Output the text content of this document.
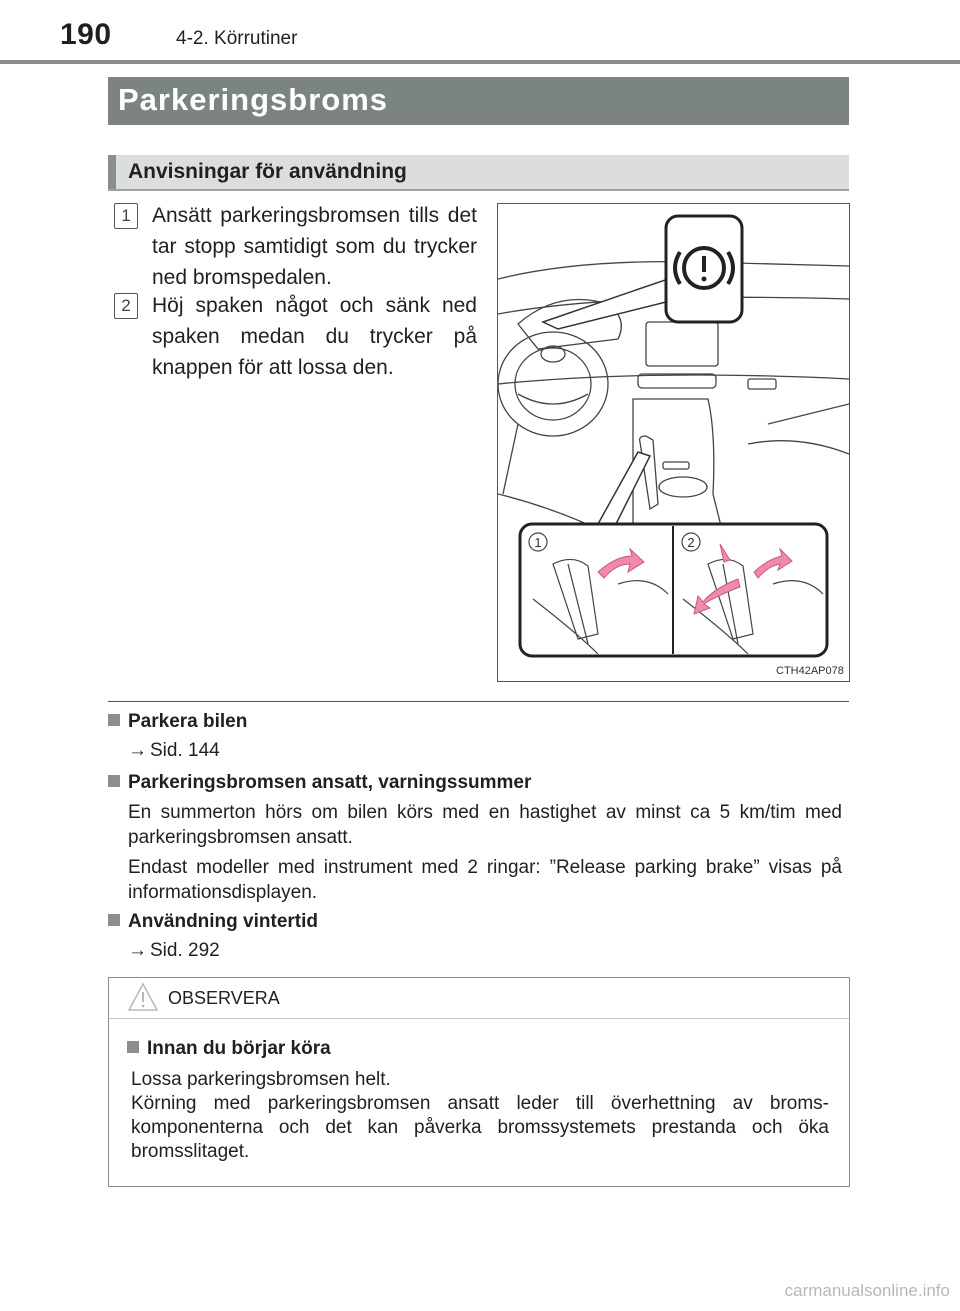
190	4-2. Körrutiner
Parkeringsbroms
Anvisningar för användning
1	Ansätt parkeringsbromsen tills det tar stopp samtidigt som du trycker ned bromspedalen.
2	Höj spaken något och sänk ned spaken medan du trycker på knappen för att lossa den.
1	2
CTH42AP078
Parkera bilen
→ Sid. 144
Parkeringsbromsen ansatt, varningssummer
En summerton hörs om bilen körs med en hastighet av minst ca 5 km/tim med parkeringsbromsen ansatt.
Endast modeller med instrument med 2 ringar: ”Release parking brake” visas på informationsdisplayen.
Användning vintertid
→ Sid. 292
OBSERVERA
Innan du börjar köra
Lossa parkeringsbromsen helt.
Körning med parkeringsbromsen ansatt leder till överhettning av broms-komponenterna och det kan påverka bromssystemets prestanda och öka bromsslitaget.
carmanualsonline.info
